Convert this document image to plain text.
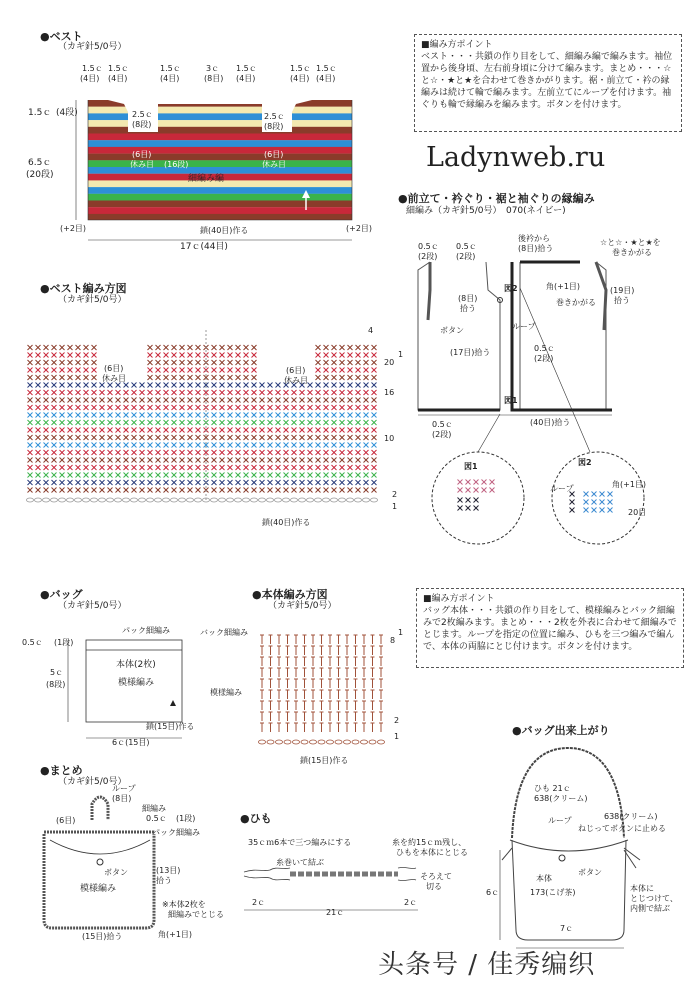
●ベスト
（カギ針5/0号）
1.5ｃ 1.5ｃ	1.5ｃ	3ｃ 1.5ｃ	1.5ｃ 1.5ｃ
(4目) (4目)	(4目)	(8目) (4目)	(4目) (4目)
1.5ｃ (4段)
6.5ｃ
(20段)
2.5ｃ
(8段)
2.5ｃ
(8段)
(6目)
休み目 (16段)
(6目)
休み目
細編み編
鎖(40目)作る
17ｃ(44目)
(+2目)	(+2目)
■編み方ポイント
ベスト・・・共鎖の作り目をして、細編み編で編みます。袖位置から後身頃、左右前身頃に分けて編みます。まとめ・・・☆と☆・★と★を合わせて巻きかがります。裾・前立て・衿の縁編みは続けて輪で編みます。左前立てにループを付けます。袖ぐりも輪で縁編みを編みます。ボタンを付けます。
Ladynweb.ru
●ベスト編み方図
（カギ針5/0号）
(6目)
休み目
(6目)
休み目
4
1
20
16
10
2
1
鎖(40目)作る
●前立て・衿ぐり・裾と袖ぐりの縁編み
細編み（カギ針5/0号）　070(ネイビー)
0.5ｃ
(2段)
0.5ｃ
(2段)
後衿から
(8目)拾う
☆と☆・★と★を
巻きかがる
角(+1目)
(8目)
拾う
(19目)
拾う
巻きかがる
ボタン	ループ
(17目)拾う	0.5ｃ
(2段)
0.5ｃ
(2段)
(40目)拾う
図2
図1
図1	図2
ループ	角(+1目)
20目
●バッグ
（カギ針5/0号）
パック細編み
0.5ｃ (1段)
5ｃ
(8段)
本体(2枚)
模様編み
鎖(15目)作る
6ｃ(15目)
●本体編み方図
（カギ針5/0号）
バック細編み
模様編み
1
8
2
1
鎖(15目)作る
■編み方ポイント
バッグ本体・・・共鎖の作り目をして、模様編みとバック細編みで2枚編みます。まとめ・・・2枚を外表に合わせて細編みでとじます。ループを指定の位置に編み、ひもを三つ編みで編んで、本体の両脇にとじ付けます。ボタンを付けます。
●まとめ
（カギ針5/0号）
ループ
(8目)
細編み
0.5ｃ (1段)
(6目)
パック細編み
ボタン	(13目)
拾う
模様編み
※本体2枚を
細編みでとじる
(15目)拾う	角(+1目)
●ひも
35ｃｍ6本で三つ編みにする
糸巻いて結ぶ
糸を約15ｃｍ残し、
ひもを本体にとじる
そろえて
切る
2ｃ
21ｃ
2ｃ
●バッグ出来上がり
ひも 21ｃ
638(クリーム)
ループ	638(クリーム)
ねじってボタンに止める
ボタン
本体
173(こげ茶)	本体に
とじつけて、
内側で結ぶ
6ｃ
7ｃ
头条号 / 佳秀编织
